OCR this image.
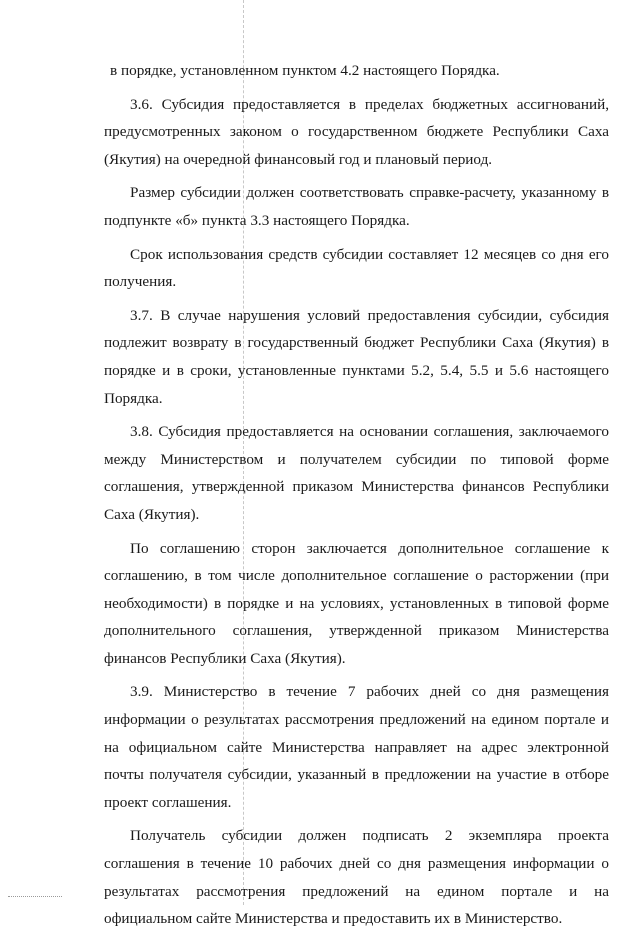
в порядке, установленном пунктом 4.2 настоящего Порядка.

3.6. Субсидия предоставляется в пределах бюджетных ассигнований, предусмотренных законом о государственном бюджете Республики Саха (Якутия) на очередной финансовый год и плановый период.

Размер субсидии должен соответствовать справке-расчету, указанному в подпункте «б» пункта 3.3 настоящего Порядка.

Срок использования средств субсидии составляет 12 месяцев со дня его получения.

3.7. В случае нарушения условий предоставления субсидии, субсидия подлежит возврату в государственный бюджет Республики Саха (Якутия) в порядке и в сроки, установленные пунктами 5.2, 5.4, 5.5 и 5.6 настоящего Порядка.

3.8. Субсидия предоставляется на основании соглашения, заключаемого между Министерством и получателем субсидии по типовой форме соглашения, утвержденной приказом Министерства финансов Республики Саха (Якутия).

По соглашению сторон заключается дополнительное соглашение к соглашению, в том числе дополнительное соглашение о расторжении (при необходимости) в порядке и на условиях, установленных в типовой форме дополнительного соглашения, утвержденной приказом Министерства финансов Республики Саха (Якутия).

3.9. Министерство в течение 7 рабочих дней со дня размещения информации о результатах рассмотрения предложений на едином портале и на официальном сайте Министерства направляет на адрес электронной почты получателя субсидии, указанный в предложении на участие в отборе проект соглашения.

Получатель субсидии должен подписать 2 экземпляра проекта соглашения в течение 10 рабочих дней со дня размещения информации о результатах рассмотрения предложений на едином портале и на официальном сайте Министерства и предоставить их в Министерство.
